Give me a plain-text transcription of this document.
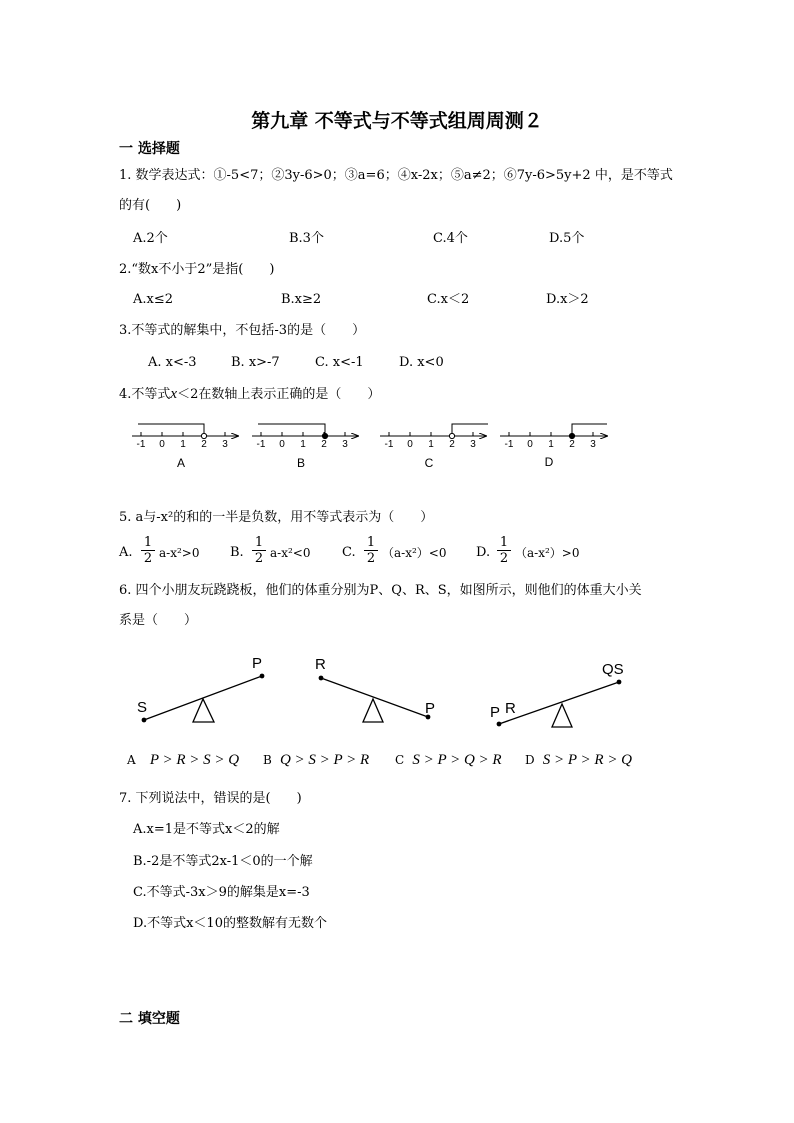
第九章 不等式与不等式组周周测２
一 选择题
1. 数学表达式：①-5<7；②3y-6>0；③a=6；④x-2x；⑤a≠2；⑥7y-6>5y+2 中，是不等式
的有(　　)
A.2个	B.3个	C.4个	D.5个
2.“数x不小于2”是指(　　)
A.x≤2	B.x≥2	C.x＜2	D.x＞2
3.不等式的解集中，不包括-3的是（　　）
A. x<-3	B. x>-7	C. x<-1	D. x<0
4.不等式x＜2在数轴上表示正确的是（　　）
-1 0 1 2 3
A
-1 0 1 2 3
B
-1 0 1 2 3
C
-1 0 1 2 3
D
S
P	R
P	P R
QS
5. a与-x²的和的一半是负数，用不等式表示为（　　）
A.
1
2 a-x²>0 B.
1
2 a-x²<0 C.
1
2 （a-x²）<0 D.
1
2 （a-x²）>0
6. 四个小朋友玩跷跷板，他们的体重分别为P、Q、R、S，如图所示，则他们的体重大小关
系是（　　）
A P > R > S > Q B Q > S > P > R C S > P > Q > R D S > P > R > Q
7. 下列说法中，错误的是(　　)
A.x=1是不等式x＜2的解
B.-2是不等式2x-1＜0的一个解
C.不等式-3x＞9的解集是x=-3
D.不等式x＜10的整数解有无数个
二 填空题
